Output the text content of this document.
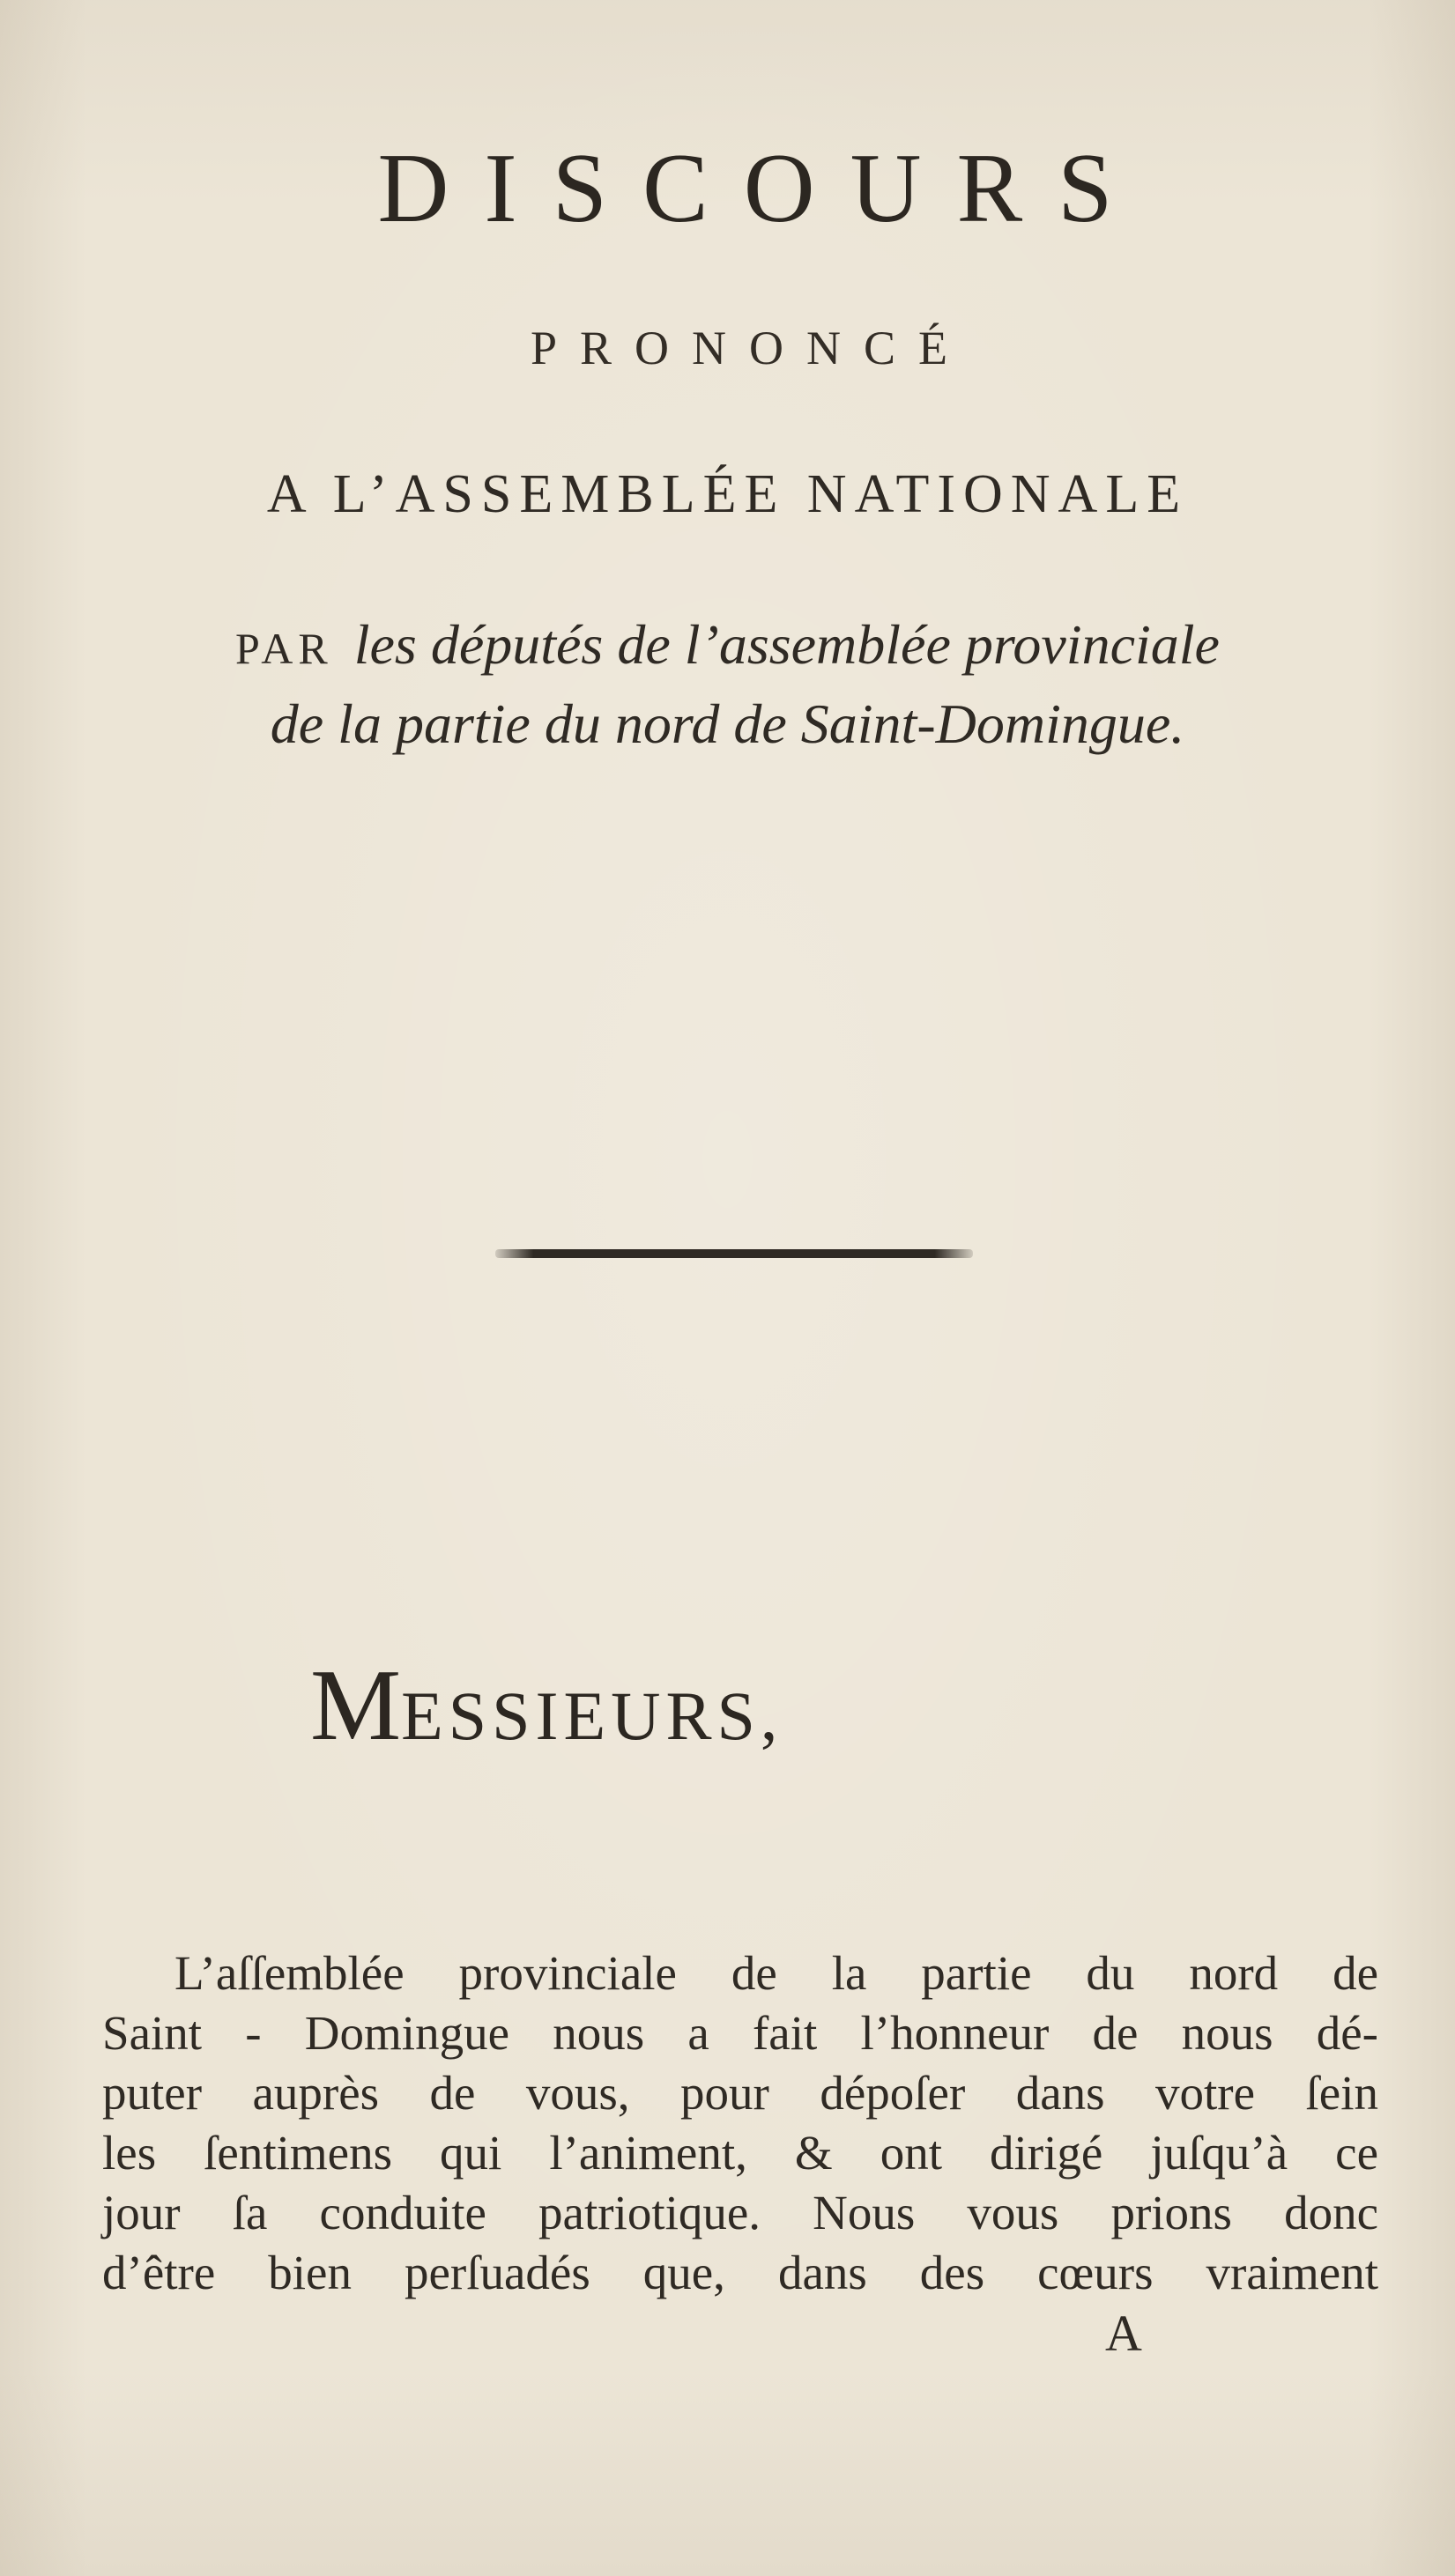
DISCOURS
PRONONCÉ
A L’ASSEMBLÉE NATIONALE
PAR les députés de l’assemblée provinciale
de la partie du nord de Saint-Domingue.
MESSIEURS,
L’aſſemblée provinciale de la partie du nord de
Saint - Domingue nous a fait l’honneur de nous dé-
puter auprès de vous, pour dépoſer dans votre ſein
les ſentimens qui l’animent, & ont dirigé juſqu’à ce
jour ſa conduite patriotique. Nous vous prions donc
d’être bien perſuadés que, dans des cœurs vraiment
A
